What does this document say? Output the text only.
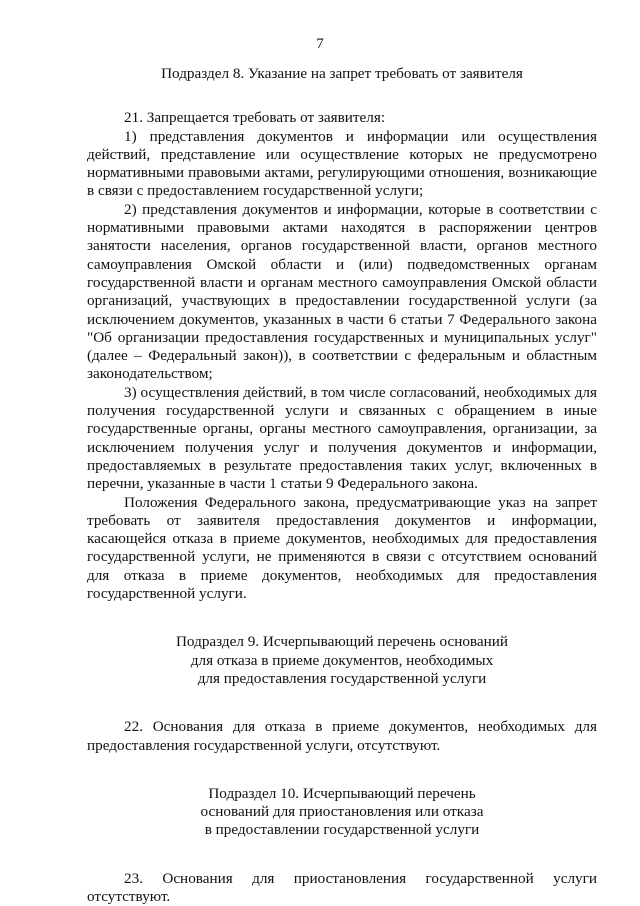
7
Подраздел 8. Указание на запрет требовать от заявителя

21. Запрещается требовать от заявителя:

1) представления документов и информации или осуществления действий, представление или осуществление которых не предусмотрено нормативными правовыми актами, регулирующими отношения, возникающие в связи с предоставлением государственной услуги;

2) представления документов и информации, которые в соответствии с нормативными правовыми актами находятся в распоряжении центров занятости населения, органов государственной власти, органов местного самоуправления Омской области и (или) подведомственных органам государственной власти и органам местного самоуправления Омской области организаций, участвующих в предоставлении государственной услуги (за исключением документов, указанных в части 6 статьи 7 Федерального закона "Об организации предоставления государственных и муниципальных услуг" (далее – Федеральный закон)), в соответствии с федеральным и областным законодательством;

3) осуществления действий, в том числе согласований, необходимых для получения государственной услуги и связанных с обращением в иные государственные органы, органы местного самоуправления, организации, за исключением получения услуг и получения документов и информации, предоставляемых в результате предоставления таких услуг, включенных в перечни, указанные в части 1 статьи 9 Федерального закона.

Положения Федерального закона, предусматривающие указ на запрет требовать от заявителя предоставления документов и информации, касающейся отказа в приеме документов, необходимых для предоставления государственной услуги, не применяются в связи с отсутствием оснований для отказа в приеме документов, необходимых для предоставления государственной услуги.

Подраздел 9. Исчерпывающий перечень оснований
для отказа в приеме документов, необходимых
для предоставления государственной услуги

22. Основания для отказа в приеме документов, необходимых для предоставления государственной услуги, отсутствуют.

Подраздел 10. Исчерпывающий перечень
оснований для приостановления или отказа
в предоставлении государственной услуги

23. Основания для приостановления государственной услуги отсутствуют.
